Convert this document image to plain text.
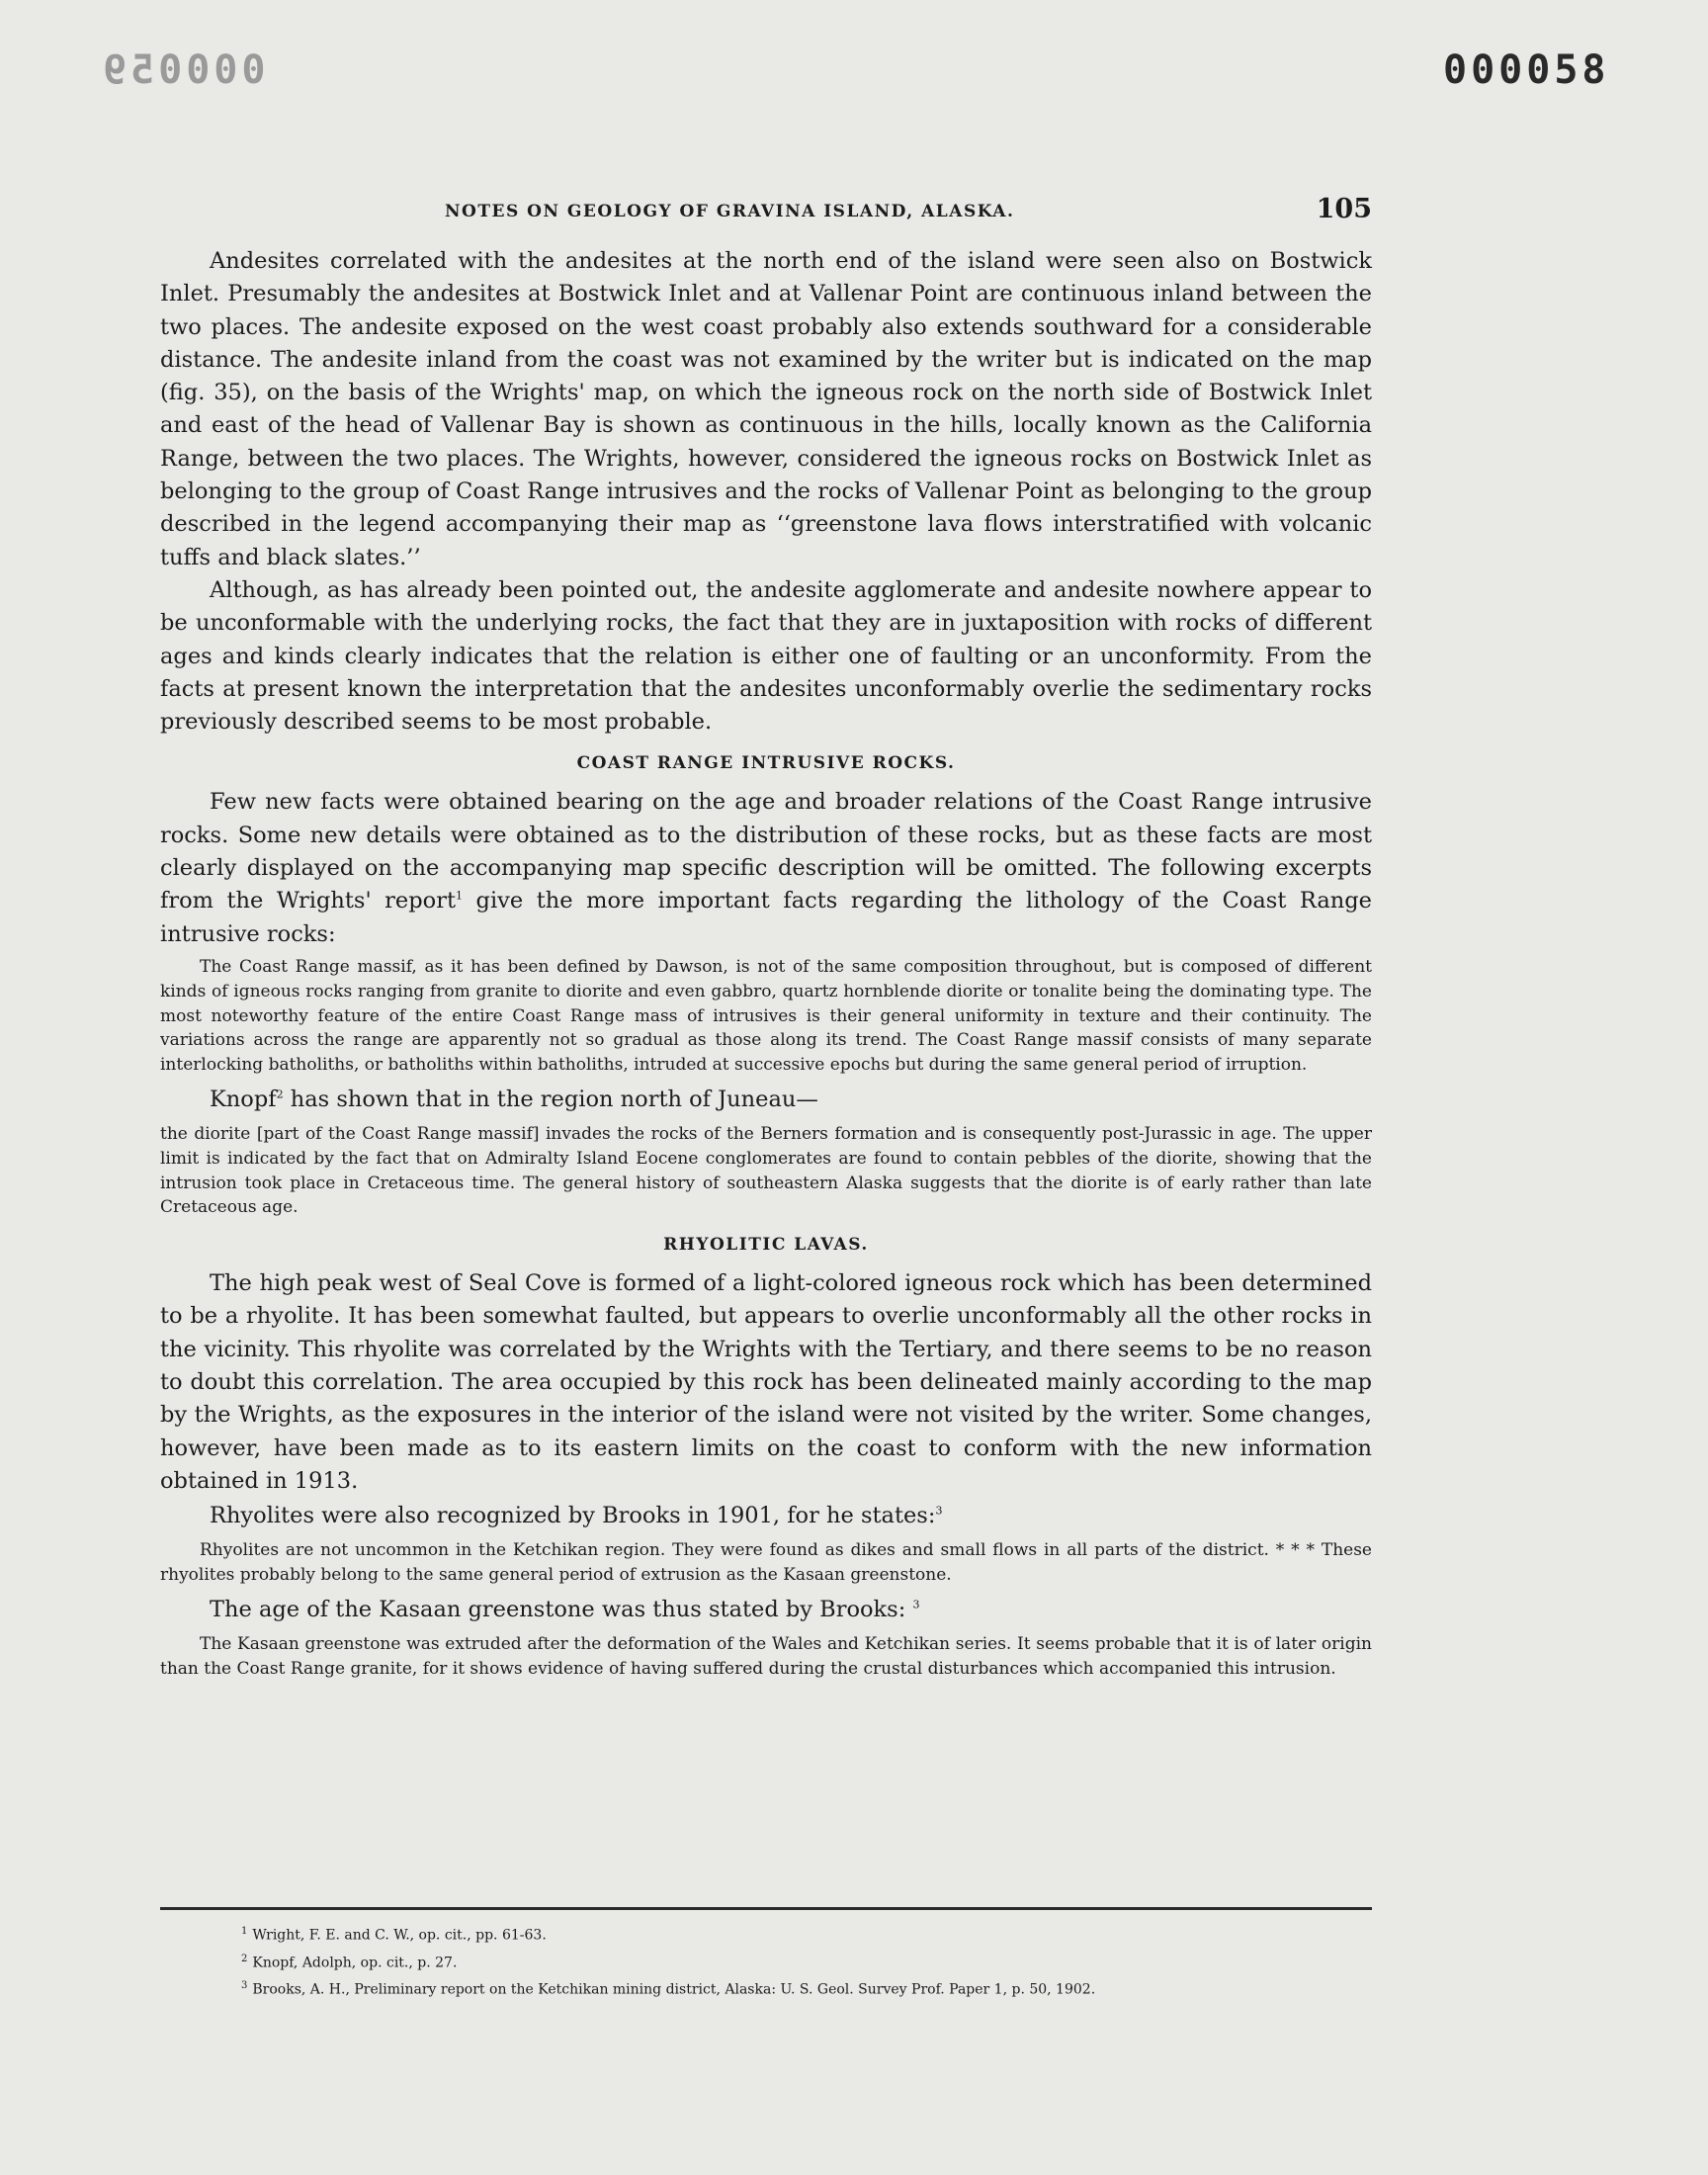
000059	000058
NOTES ON GEOLOGY OF GRAVINA ISLAND, ALASKA.	105

Andesites correlated with the andesites at the north end of the island were seen also on Bostwick Inlet. Presumably the andesites at Bostwick Inlet and at Vallenar Point are continuous inland between the two places. The andesite exposed on the west coast probably also extends southward for a considerable distance. The andesite inland from the coast was not examined by the writer but is indicated on the map (fig. 35), on the basis of the Wrights' map, on which the igneous rock on the north side of Bostwick Inlet and east of the head of Vallenar Bay is shown as continuous in the hills, locally known as the California Range, between the two places. The Wrights, however, considered the igneous rocks on Bostwick Inlet as belonging to the group of Coast Range intrusives and the rocks of Vallenar Point as belonging to the group described in the legend accompanying their map as ‘‘greenstone lava flows interstratified with volcanic tuffs and black slates.’’

Although, as has already been pointed out, the andesite agglomerate and andesite nowhere appear to be unconformable with the underlying rocks, the fact that they are in juxtaposition with rocks of different ages and kinds clearly indicates that the relation is either one of faulting or an unconformity. From the facts at present known the interpretation that the andesites unconformably overlie the sedimentary rocks previously described seems to be most probable.

COAST RANGE INTRUSIVE ROCKS.

Few new facts were obtained bearing on the age and broader relations of the Coast Range intrusive rocks. Some new details were obtained as to the distribution of these rocks, but as these facts are most clearly displayed on the accompanying map specific description will be omitted. The following excerpts from the Wrights' report$^1$ give the more important facts regarding the lithology of the Coast Range intrusive rocks:

The Coast Range massif, as it has been defined by Dawson, is not of the same composition throughout, but is composed of different kinds of igneous rocks ranging from granite to diorite and even gabbro, quartz hornblende diorite or tonalite being the dominating type. The most noteworthy feature of the entire Coast Range mass of intrusives is their general uniformity in texture and their continuity. The variations across the range are apparently not so gradual as those along its trend. The Coast Range massif consists of many separate interlocking batholiths, or batholiths within batholiths, intruded at successive epochs but during the same general period of irruption.

Knopf$^2$ has shown that in the region north of Juneau—

the diorite [part of the Coast Range massif] invades the rocks of the Berners formation and is consequently post-Jurassic in age. The upper limit is indicated by the fact that on Admiralty Island Eocene conglomerates are found to contain pebbles of the diorite, showing that the intrusion took place in Cretaceous time. The general history of southeastern Alaska suggests that the diorite is of early rather than late Cretaceous age.

RHYOLITIC LAVAS.

The high peak west of Seal Cove is formed of a light-colored igneous rock which has been determined to be a rhyolite. It has been somewhat faulted, but appears to overlie unconformably all the other rocks in the vicinity. This rhyolite was correlated by the Wrights with the Tertiary, and there seems to be no reason to doubt this correlation. The area occupied by this rock has been delineated mainly according to the map by the Wrights, as the exposures in the interior of the island were not visited by the writer. Some changes, however, have been made as to its eastern limits on the coast to conform with the new information obtained in 1913.

Rhyolites were also recognized by Brooks in 1901, for he states:$^3$

Rhyolites are not uncommon in the Ketchikan region. They were found as dikes and small flows in all parts of the district. * * * These rhyolites probably belong to the same general period of extrusion as the Kasaan greenstone.

The age of the Kasaan greenstone was thus stated by Brooks: $^3$

The Kasaan greenstone was extruded after the deformation of the Wales and Ketchikan series. It seems probable that it is of later origin than the Coast Range granite, for it shows evidence of having suffered during the crustal disturbances which accompanied this intrusion.

$^1$ Wright, F. E. and C. W., op. cit., pp. 61-63.
$^2$ Knopf, Adolph, op. cit., p. 27.
$^3$ Brooks, A. H., Preliminary report on the Ketchikan mining district, Alaska: U. S. Geol. Survey Prof. Paper 1, p. 50, 1902.
